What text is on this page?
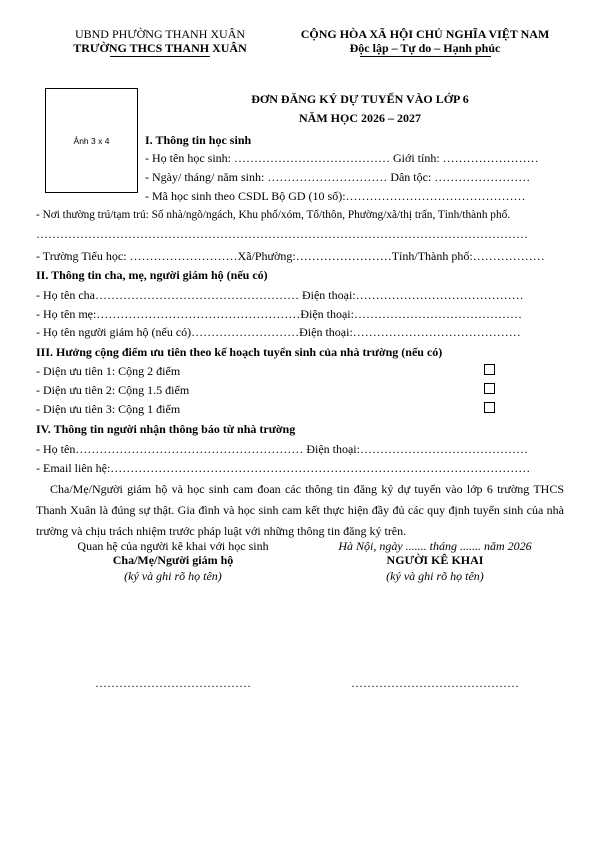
UBND PHƯỜNG THANH XUÂN
TRƯỜNG THCS THANH XUÂN
CỘNG HÒA XÃ HỘI CHỦ NGHĨA VIỆT NAM
Độc lập – Tự do – Hạnh phúc
Ảnh 3 x 4
ĐƠN ĐĂNG KÝ DỰ TUYỂN VÀO LỚP 6
NĂM HỌC 2026 – 2027
I. Thông tin học sinh
- Họ tên học sinh: ………………………………… Giới tính: ……………………
- Ngày/ tháng/ năm sinh: ………………………… Dân tộc: ……………………
- Mã học sinh theo CSDL Bộ GD (10 số):………………………………………
- Nơi thường trú/tạm trú: Số nhà/ngõ/ngách, Khu phố/xóm, Tổ/thôn, Phường/xã/thị trấn, Tỉnh/thành phố.
……………………………………………………………………………………………………………
- Trường Tiểu học: ………………………Xã/Phường:……………………Tỉnh/Thành phố:………………
II. Thông tin cha, mẹ, người giám hộ (nếu có)
- Họ tên cha…………………………………………… Điện thoại:……………………………………
- Họ tên mẹ:……………………………………………Điện thoại:……………………………………
- Họ tên người giám hộ (nếu có)………………………Điện thoại:……………………………………
III. Hưởng cộng điểm ưu tiên theo kế hoạch tuyển sinh của nhà trường (nếu có)
- Diện ưu tiên 1: Cộng 2 điểm
- Diện ưu tiên 2: Cộng 1.5 điểm
- Diện ưu tiên 3: Cộng 1 điểm
IV. Thông tin người nhận thông báo từ nhà trường
- Họ tên………………………………………………… Điện thoại:……………………………………
- Email liên hệ:……………………………………………………………………………………………
Cha/Mẹ/Người giám hộ và học sinh cam đoan các thông tin đăng ký dự tuyển vào lớp 6 trường THCS Thanh Xuân là đúng sự thật. Gia đình và học sinh cam kết thực hiện đầy đủ các quy định tuyển sinh của nhà trường và chịu trách nhiệm trước pháp luật với những thông tin đăng ký trên.
Quan hệ của người kê khai với học sinh
Cha/Mẹ/Người giám hộ
(ký và ghi rõ họ tên)
Hà Nội, ngày ....... tháng ....... năm 2026
NGƯỜI KÊ KHAI
(ký và ghi rõ họ tên)
…………………………………	……………………………………
